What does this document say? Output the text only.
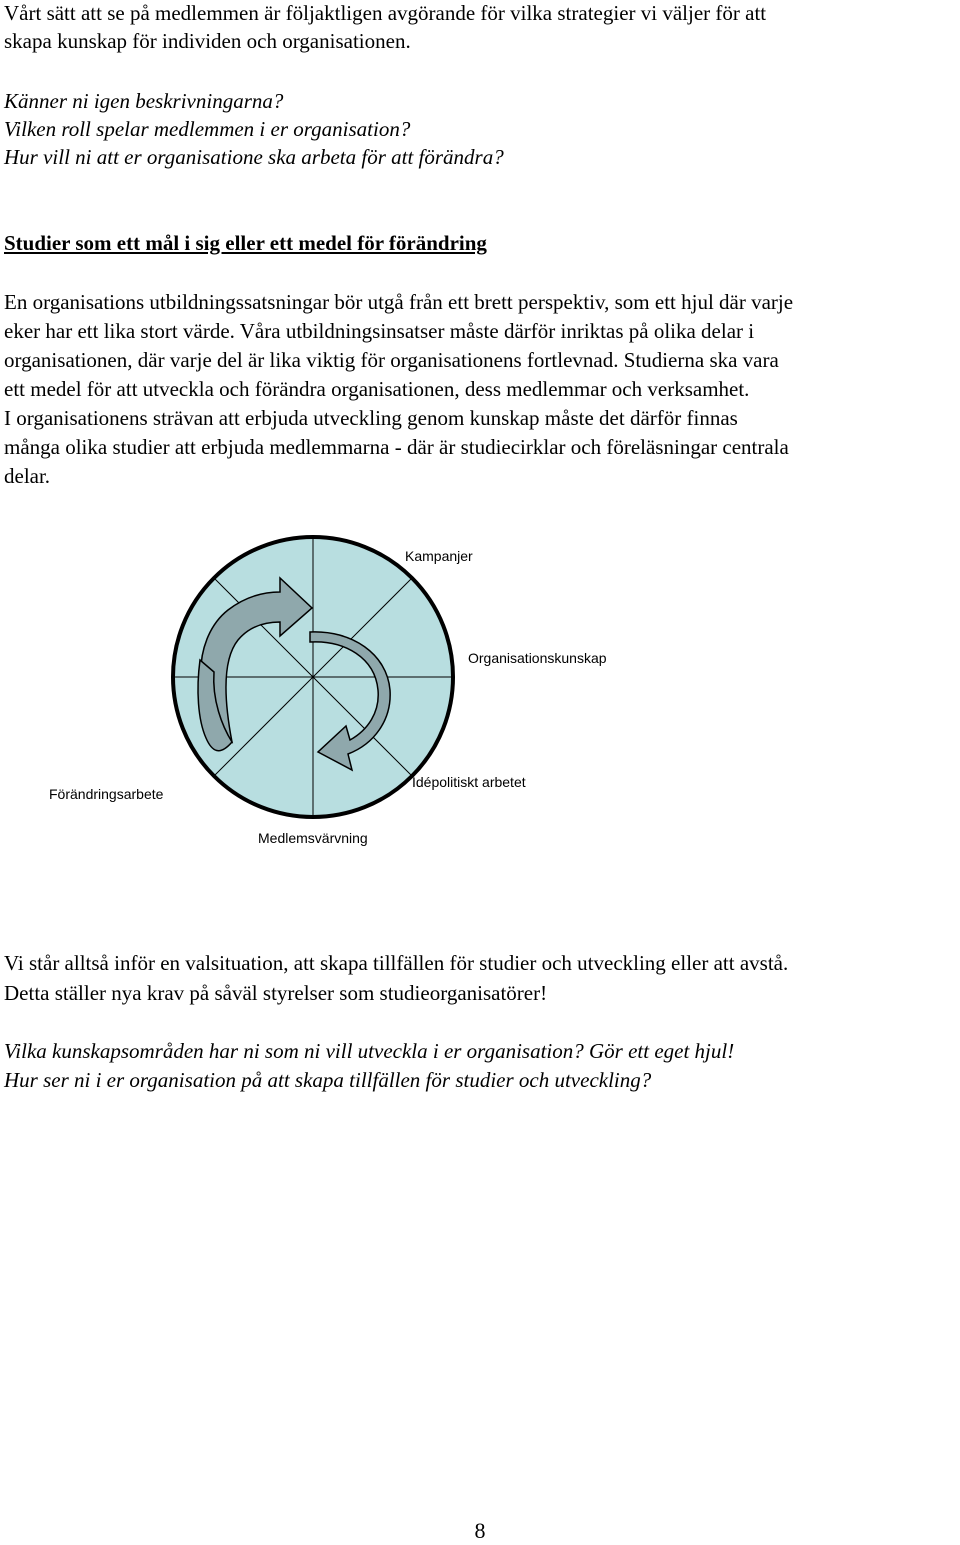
Vårt sätt att se på medlemmen är följaktligen avgörande för vilka strategier vi väljer för att
skapa kunskap för individen och organisationen.
Känner ni igen beskrivningarna?
Vilken roll spelar medlemmen i er organisation?
Hur vill ni att er organisatione ska arbeta för att förändra?
Studier som ett mål i sig eller ett medel för förändring
En organisations utbildningssatsningar bör utgå från ett brett perspektiv, som ett hjul där varje
eker har ett lika stort värde. Våra utbildningsinsatser måste därför inriktas på olika delar i
organisationen, där varje del är lika viktig för organisationens fortlevnad. Studierna ska vara
ett medel för att utveckla och förändra organisationen, dess medlemmar och verksamhet.
I organisationens strävan att erbjuda utveckling genom kunskap måste det därför finnas
många olika studier att erbjuda medlemmarna - där är studiecirklar och föreläsningar centrala
delar.
Kampanjer
Organisationskunskap
Idépolitiskt arbetet
Förändringsarbete
Medlemsvärvning
Vi står alltså inför en valsituation, att skapa tillfällen för studier och utveckling eller att avstå.
Detta ställer nya krav på såväl styrelser som studieorganisatörer!
Vilka kunskapsområden har ni som ni vill utveckla i er organisation? Gör ett eget hjul!
Hur ser ni i er organisation på att skapa tillfällen för studier och utveckling?
8
